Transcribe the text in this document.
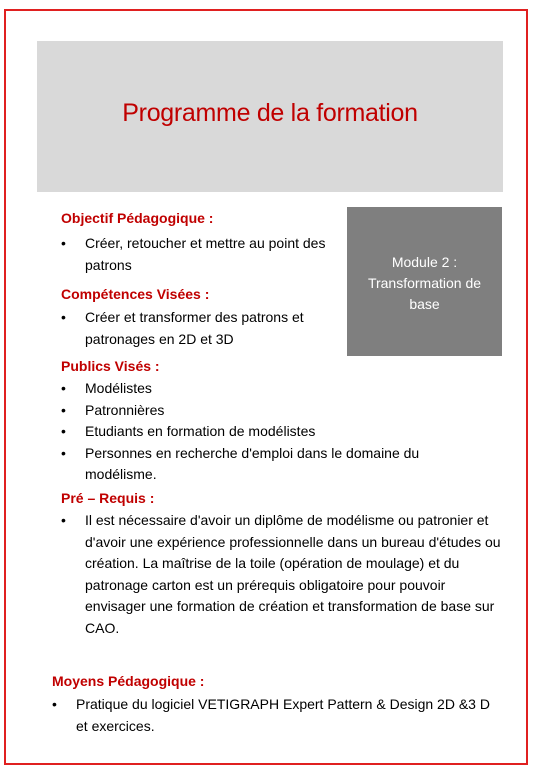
Programme de la formation
Module 2 :
Transformation de
base
Objectif Pédagogique :
•	Créer, retoucher et mettre au point des patrons
Compétences Visées :
•	Créer et transformer des patrons et patronages en 2D et 3D
Publics Visés :
•	Modélistes
•	Patronnières
•	Etudiants en formation de modélistes
•	Personnes en recherche d'emploi dans le domaine du modélisme.
Pré – Requis :
•	Il est nécessaire d'avoir un diplôme de modélisme ou patronier et d'avoir une expérience professionnelle dans un bureau d'études ou création. La maîtrise de la toile (opération de moulage) et du patronage carton est un prérequis obligatoire pour pouvoir envisager une formation de création et transformation de base sur CAO.
Moyens Pédagogique :
•	Pratique du logiciel VETIGRAPH Expert Pattern & Design 2D &3 D et exercices.
